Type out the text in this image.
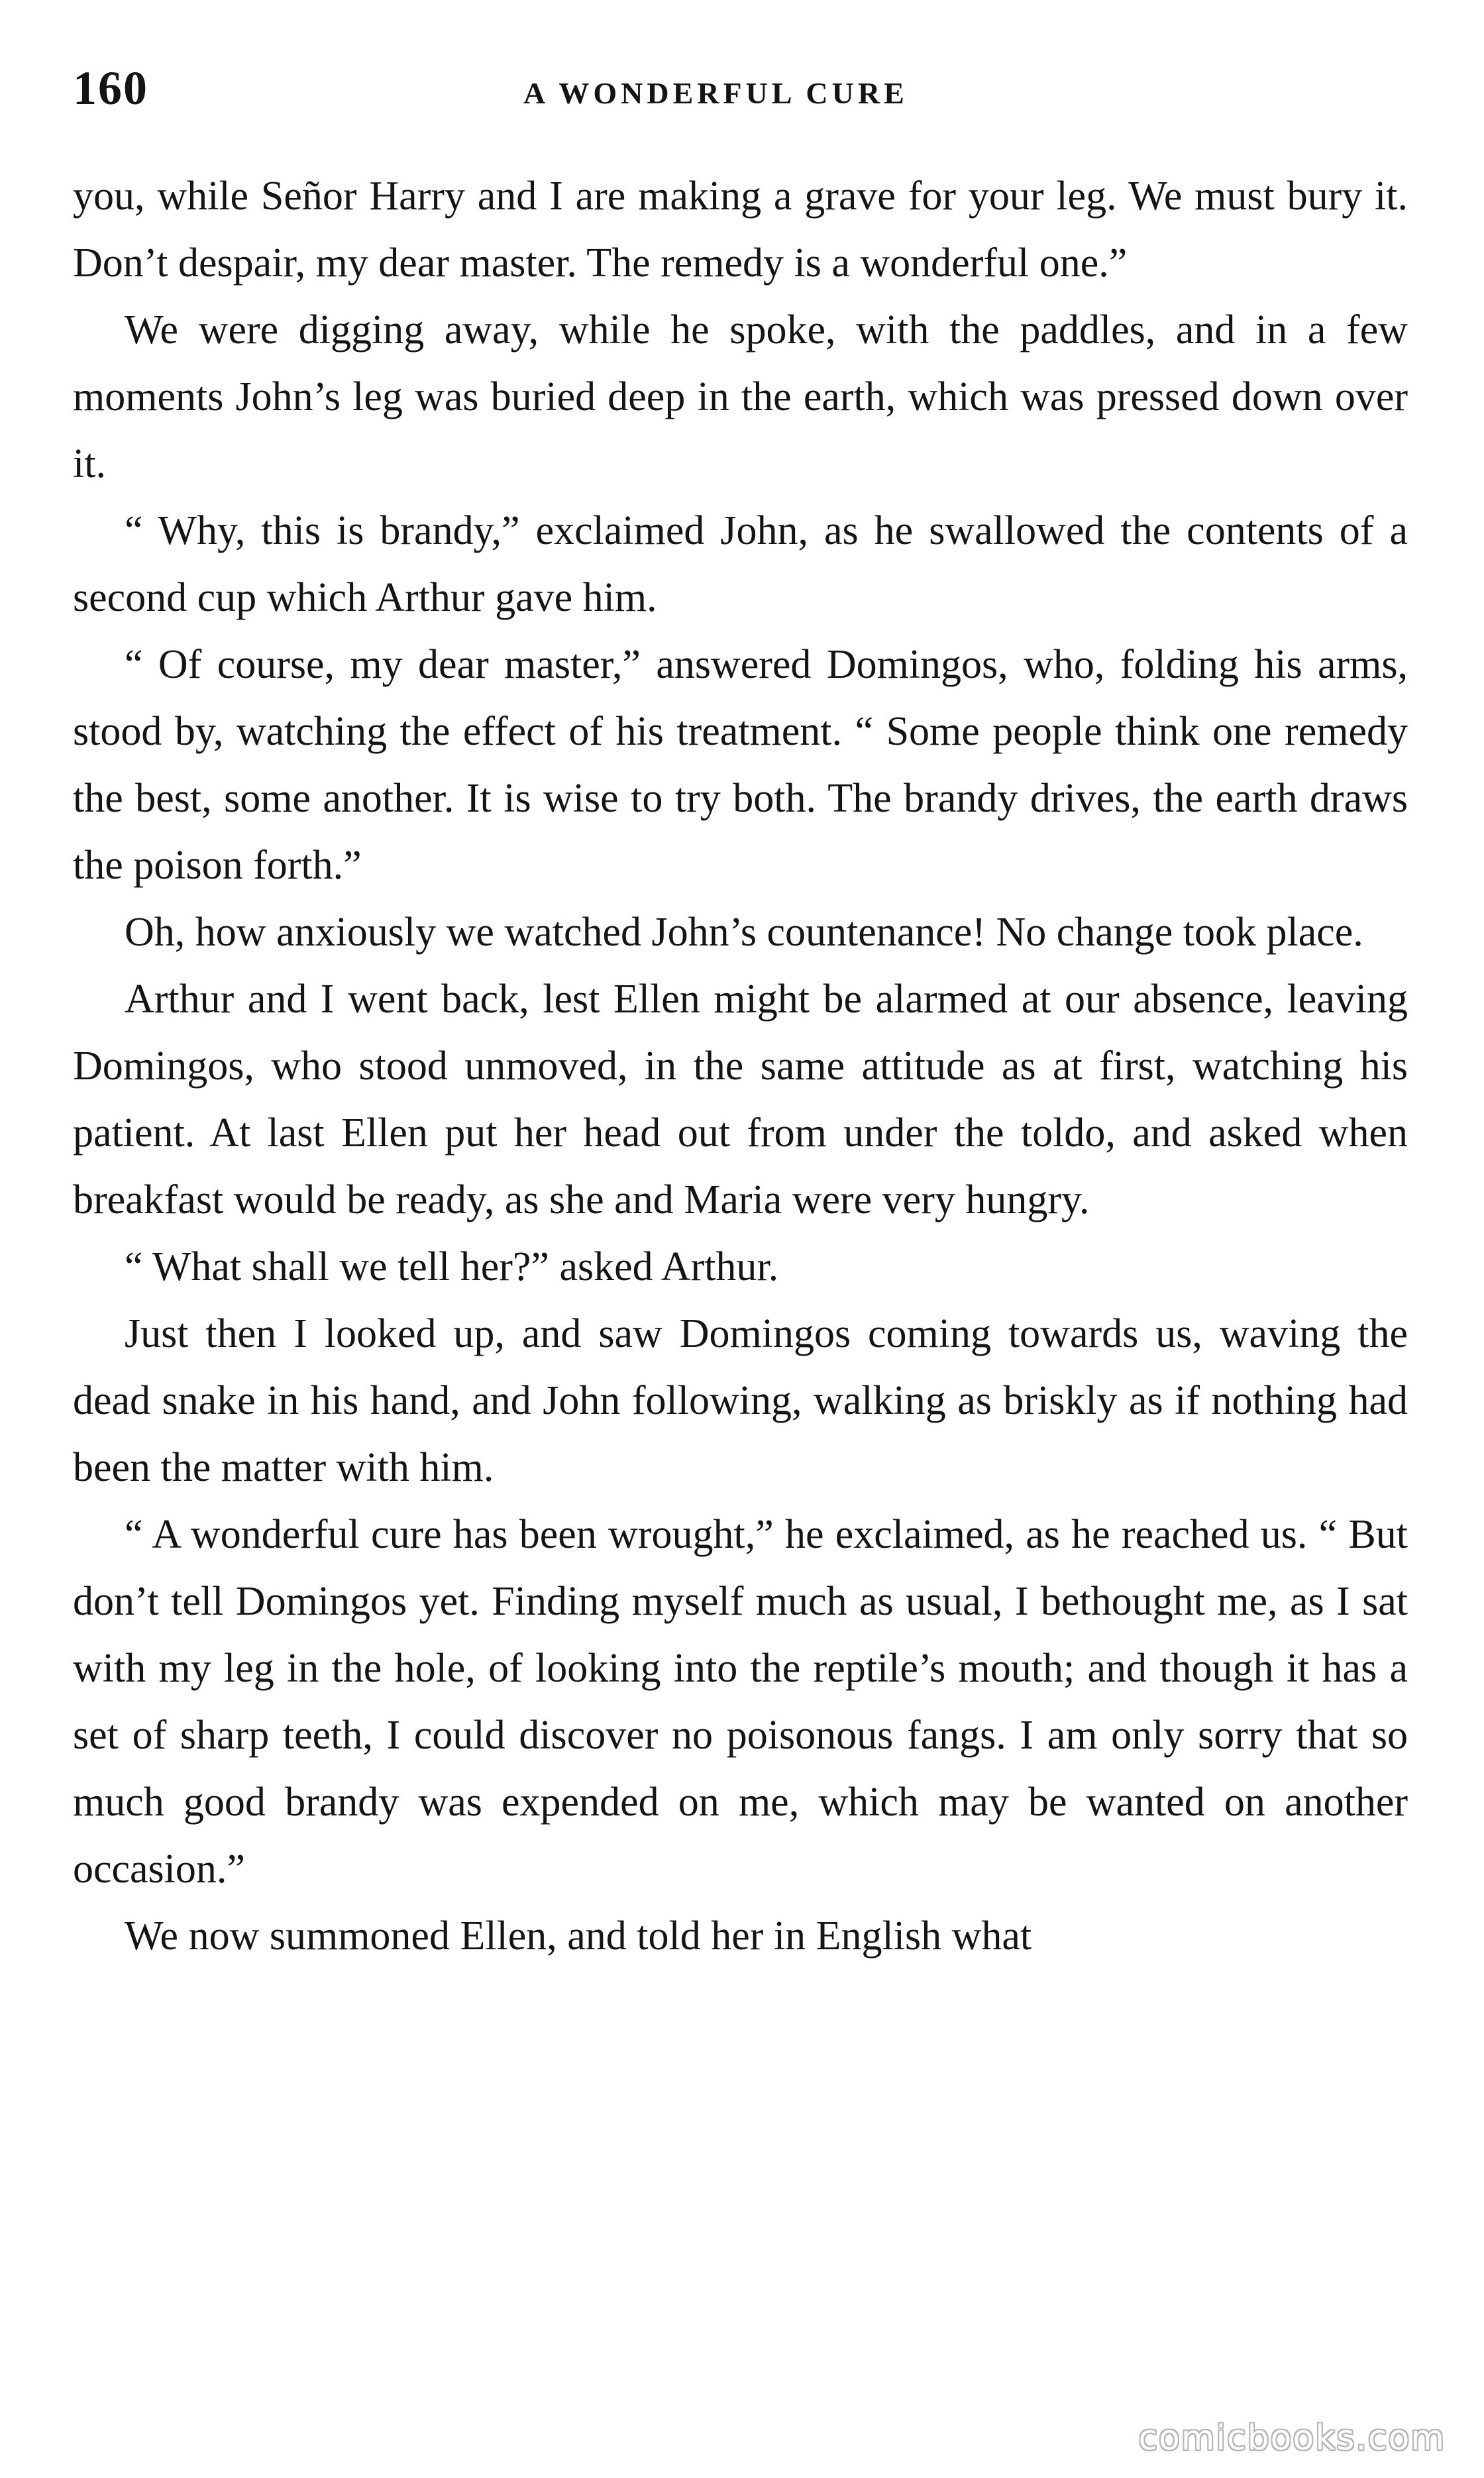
160	A WONDERFUL CURE

you, while Señor Harry and I are making a grave for your leg. We must bury it. Don’t despair, my dear master. The remedy is a wonderful one.”

We were digging away, while he spoke, with the paddles, and in a few moments John’s leg was buried deep in the earth, which was pressed down over it.

“ Why, this is brandy,” exclaimed John, as he swallowed the contents of a second cup which Arthur gave him.

“ Of course, my dear master,” answered Domingos, who, folding his arms, stood by, watching the effect of his treatment. “ Some people think one remedy the best, some another. It is wise to try both. The brandy drives, the earth draws the poison forth.”

Oh, how anxiously we watched John’s countenance! No change took place.

Arthur and I went back, lest Ellen might be alarmed at our absence, leaving Domingos, who stood unmoved, in the same attitude as at first, watching his patient. At last Ellen put her head out from under the toldo, and asked when breakfast would be ready, as she and Maria were very hungry.

“ What shall we tell her?” asked Arthur.

Just then I looked up, and saw Domingos coming towards us, waving the dead snake in his hand, and John following, walking as briskly as if nothing had been the matter with him.

“ A wonderful cure has been wrought,” he exclaimed, as he reached us. “ But don’t tell Domingos yet. Finding myself much as usual, I bethought me, as I sat with my leg in the hole, of looking into the reptile’s mouth; and though it has a set of sharp teeth, I could discover no poisonous fangs. I am only sorry that so much good brandy was expended on me, which may be wanted on another occasion.”

We now summoned Ellen, and told her in English what

comicbooks.com
